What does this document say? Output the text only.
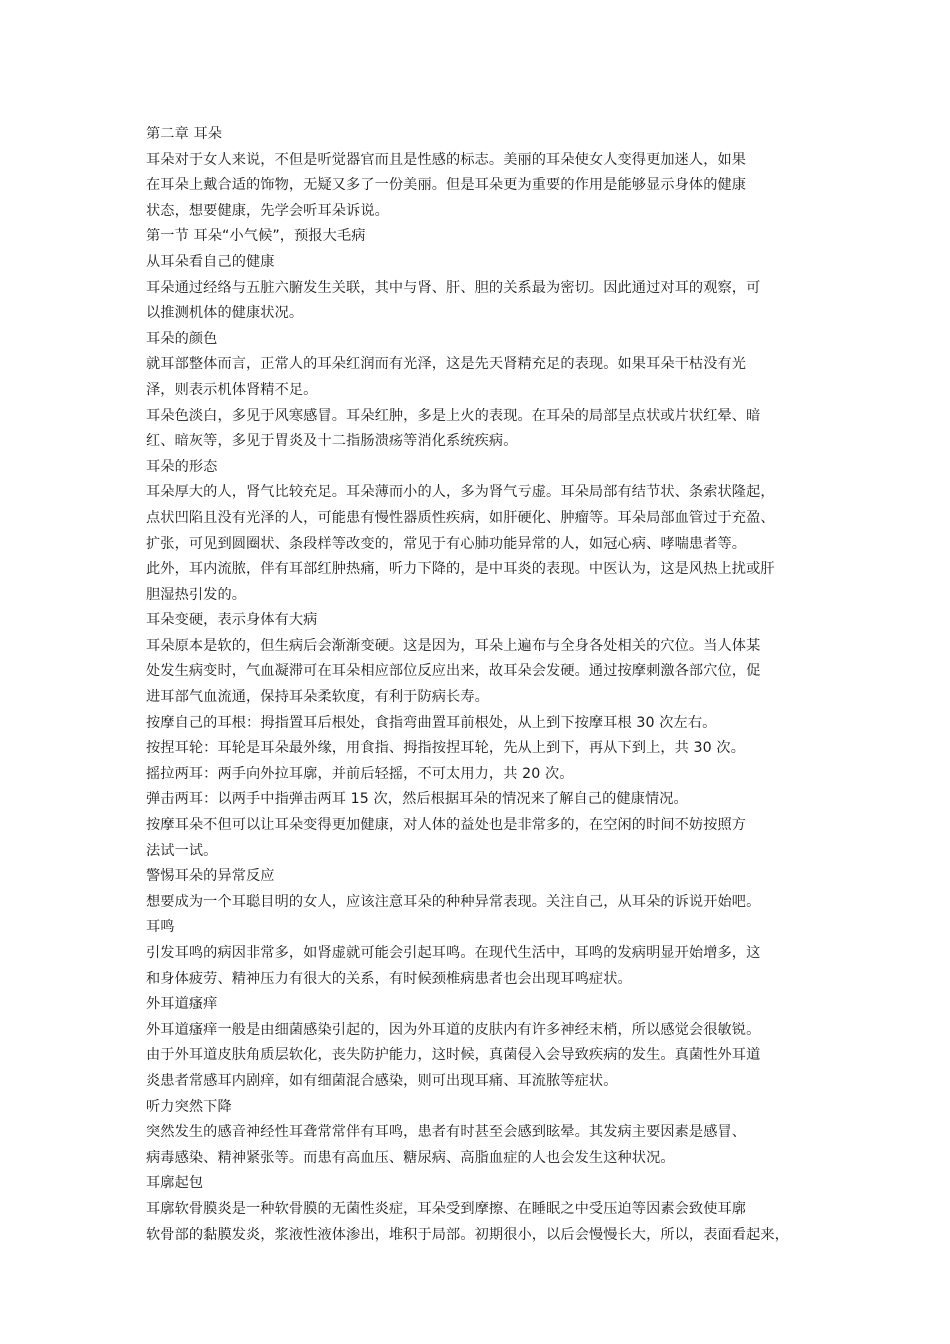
第二章 耳朵
耳朵对于女人来说，不但是听觉器官而且是性感的标志。美丽的耳朵使女人变得更加迷人，如果
在耳朵上戴合适的饰物，无疑又多了一份美丽。但是耳朵更为重要的作用是能够显示身体的健康
状态，想要健康，先学会听耳朵诉说。
第一节 耳朵“小气候”，预报大毛病
从耳朵看自己的健康
耳朵通过经络与五脏六腑发生关联，其中与肾、肝、胆的关系最为密切。因此通过对耳的观察，可
以推测机体的健康状况。
耳朵的颜色
就耳部整体而言，正常人的耳朵红润而有光泽，这是先天肾精充足的表现。如果耳朵干枯没有光
泽，则表示机体肾精不足。
耳朵色淡白，多见于风寒感冒。耳朵红肿，多是上火的表现。在耳朵的局部呈点状或片状红晕、暗
红、暗灰等，多见于胃炎及十二指肠溃疡等消化系统疾病。
耳朵的形态
耳朵厚大的人，肾气比较充足。耳朵薄而小的人，多为肾气亏虚。耳朵局部有结节状、条索状隆起，
点状凹陷且没有光泽的人，可能患有慢性器质性疾病，如肝硬化、肿瘤等。耳朵局部血管过于充盈、
扩张，可见到圆圈状、条段样等改变的，常见于有心肺功能异常的人，如冠心病、哮喘患者等。
此外，耳内流脓，伴有耳部红肿热痛，听力下降的，是中耳炎的表现。中医认为，这是风热上扰或肝
胆湿热引发的。
耳朵变硬，表示身体有大病
耳朵原本是软的，但生病后会渐渐变硬。这是因为，耳朵上遍布与全身各处相关的穴位。当人体某
处发生病变时，气血凝滞可在耳朵相应部位反应出来，故耳朵会发硬。通过按摩刺激各部穴位，促
进耳部气血流通，保持耳朵柔软度，有利于防病长寿。
按摩自己的耳根：拇指置耳后根处，食指弯曲置耳前根处，从上到下按摩耳根 30 次左右。
按捏耳轮：耳轮是耳朵最外缘，用食指、拇指按捏耳轮，先从上到下，再从下到上，共 30 次。
摇拉两耳：两手向外拉耳廓，并前后轻摇，不可太用力，共 20 次。
弹击两耳：以两手中指弹击两耳 15 次，然后根据耳朵的情况来了解自己的健康情况。
按摩耳朵不但可以让耳朵变得更加健康，对人体的益处也是非常多的，在空闲的时间不妨按照方
法试一试。
警惕耳朵的异常反应
想要成为一个耳聪目明的女人，应该注意耳朵的种种异常表现。关注自己，从耳朵的诉说开始吧。
耳鸣
引发耳鸣的病因非常多，如肾虚就可能会引起耳鸣。在现代生活中，耳鸣的发病明显开始增多，这
和身体疲劳、精神压力有很大的关系，有时候颈椎病患者也会出现耳鸣症状。
外耳道瘙痒
外耳道瘙痒一般是由细菌感染引起的，因为外耳道的皮肤内有许多神经末梢，所以感觉会很敏锐。
由于外耳道皮肤角质层软化，丧失防护能力，这时候，真菌侵入会导致疾病的发生。真菌性外耳道
炎患者常感耳内剧痒，如有细菌混合感染，则可出现耳痛、耳流脓等症状。
听力突然下降
突然发生的感音神经性耳聋常常伴有耳鸣，患者有时甚至会感到眩晕。其发病主要因素是感冒、
病毒感染、精神紧张等。而患有高血压、糖尿病、高脂血症的人也会发生这种状况。
耳廓起包
耳廓软骨膜炎是一种软骨膜的无菌性炎症，耳朵受到摩擦、在睡眠之中受压迫等因素会致使耳廓
软骨部的黏膜发炎，浆液性液体渗出，堆积于局部。初期很小，以后会慢慢长大，所以，表面看起来，
